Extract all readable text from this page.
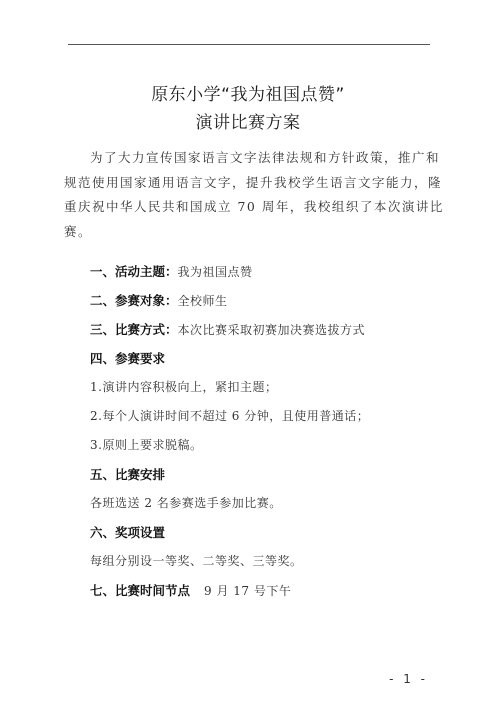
原东小学“我为祖国点赞”
演讲比赛方案
为了大力宣传国家语言文字法律法规和方针政策，推广和
规范使用国家通用语言文字，提升我校学生语言文字能力，隆
重庆祝中华人民共和国成立 70 周年，我校组织了本次演讲比
赛。
一、活动主题：我为祖国点赞
二、参赛对象：全校师生
三、比赛方式：本次比赛采取初赛加决赛选拔方式
四、参赛要求
1.演讲内容积极向上，紧扣主题；
2.每个人演讲时间不超过 6 分钟，且使用普通话；
3.原则上要求脱稿。
五、比赛安排
各班选送 2 名参赛选手参加比赛。
六、奖项设置
每组分别设一等奖、二等奖、三等奖。
七、比赛时间节点 9 月 17 号下午
- 1 -
